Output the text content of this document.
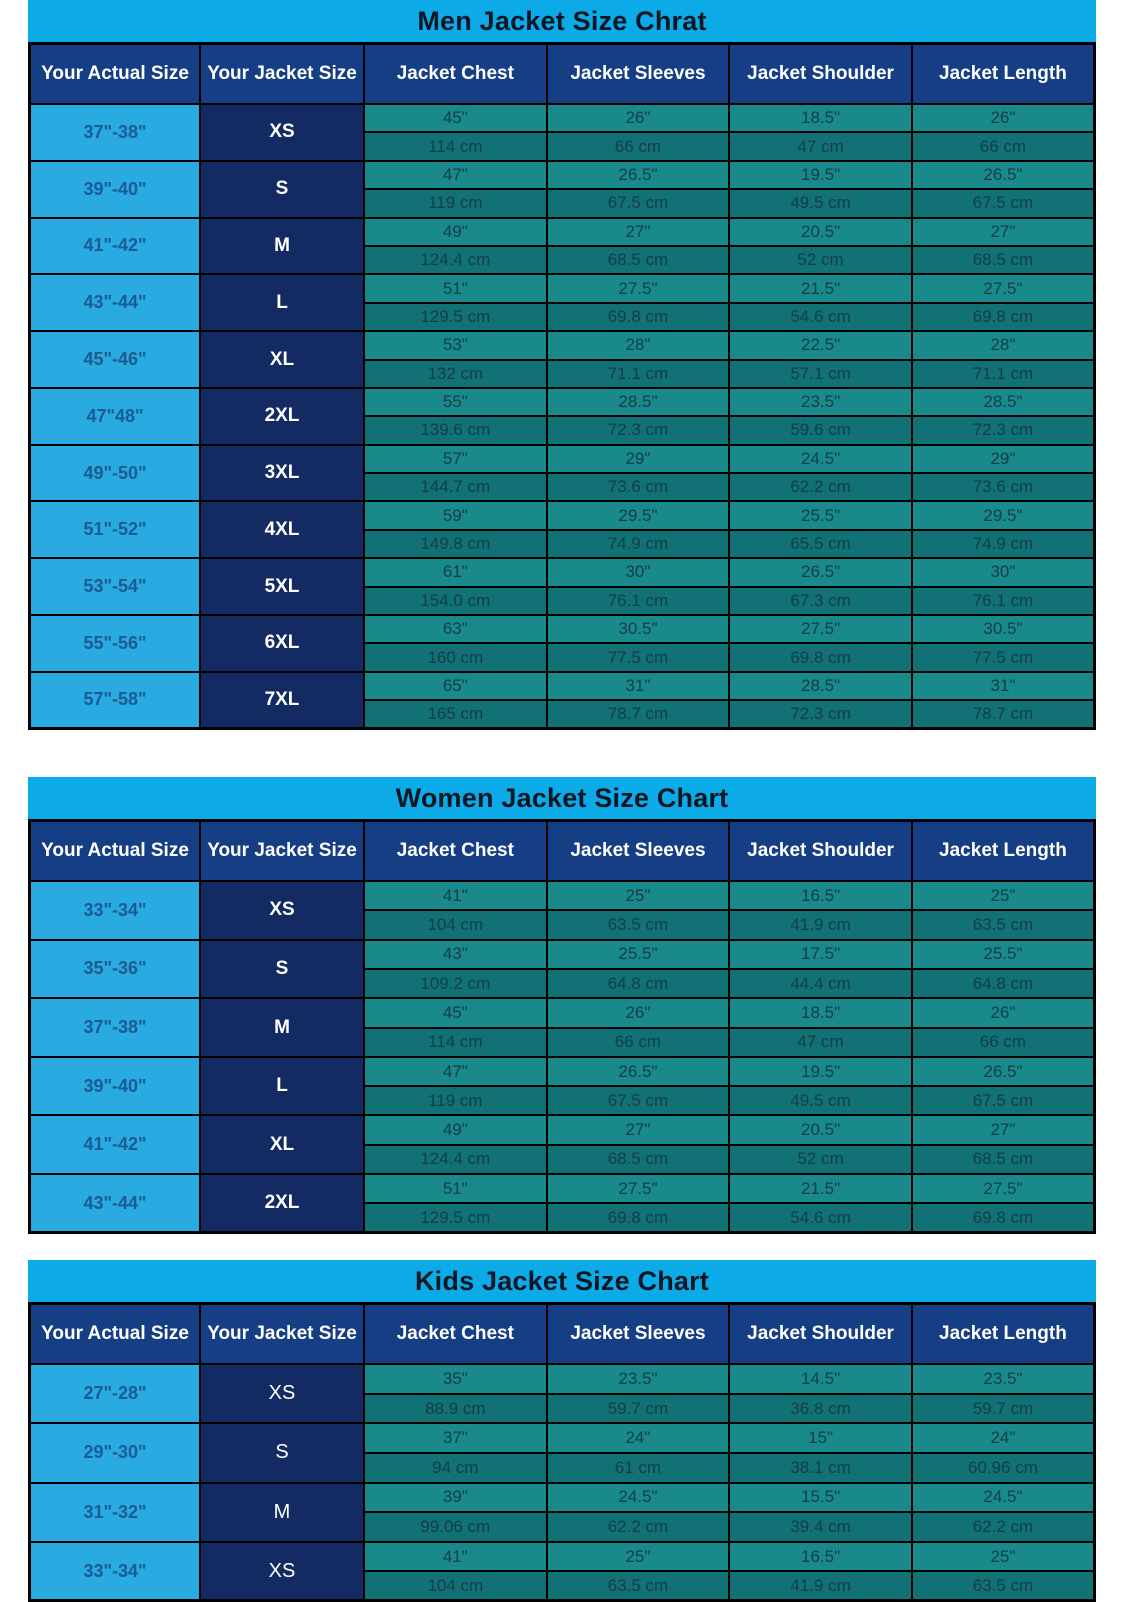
Men Jacket Size Chrat
Your Actual Size	Your Jacket Size	Jacket Chest	Jacket Sleeves	Jacket Shoulder	Jacket Length
37"-38"	XS	45"	26"	18.5"	26"
		114 cm	66 cm	47 cm	66 cm
39"-40"	S	47"	26.5"	19.5"	26.5"
		119 cm	67.5 cm	49.5 cm	67.5 cm
41"-42"	M	49"	27"	20.5"	27"
		124.4 cm	68.5 cm	52 cm	68.5 cm
43"-44"	L	51"	27.5"	21.5"	27.5"
		129.5 cm	69.8 cm	54.6 cm	69.8 cm
45"-46"	XL	53"	28"	22.5"	28"
		132 cm	71.1 cm	57.1 cm	71.1 cm
47"48"	2XL	55"	28.5"	23.5"	28.5"
		139.6 cm	72.3 cm	59.6 cm	72.3 cm
49"-50"	3XL	57"	29"	24.5"	29"
		144.7 cm	73.6 cm	62.2 cm	73.6 cm
51"-52"	4XL	59"	29.5"	25.5"	29.5"
		149.8 cm	74.9 cm	65.5 cm	74.9 cm
53"-54"	5XL	61"	30"	26.5"	30"
		154.0 cm	76.1 cm	67.3 cm	76.1 cm
55"-56"	6XL	63"	30.5"	27.5"	30.5"
		160 cm	77.5 cm	69.8 cm	77.5 cm
57"-58"	7XL	65"	31"	28.5"	31"
		165 cm	78.7 cm	72.3 cm	78.7 cm
Women Jacket Size Chart
Your Actual Size	Your Jacket Size	Jacket Chest	Jacket Sleeves	Jacket Shoulder	Jacket Length
33"-34"	XS	41"	25"	16.5"	25"
		104 cm	63.5 cm	41.9 cm	63.5 cm
35"-36"	S	43"	25.5"	17.5"	25.5"
		109.2 cm	64.8 cm	44.4 cm	64.8 cm
37"-38"	M	45"	26"	18.5"	26"
		114 cm	66 cm	47 cm	66 cm
39"-40"	L	47"	26.5"	19.5"	26.5"
		119 cm	67.5 cm	49.5 cm	67.5 cm
41"-42"	XL	49"	27"	20.5"	27"
		124.4 cm	68.5 cm	52 cm	68.5 cm
43"-44"	2XL	51"	27.5"	21.5"	27.5"
		129.5 cm	69.8 cm	54.6 cm	69.8 cm
Kids Jacket Size Chart
Your Actual Size	Your Jacket Size	Jacket Chest	Jacket Sleeves	Jacket Shoulder	Jacket Length
27"-28"	XS	35"	23.5"	14.5"	23.5"
		88.9 cm	59.7 cm	36.8 cm	59.7 cm
29"-30"	S	37"	24"	15"	24"
		94 cm	61 cm	38.1 cm	60.96 cm
31"-32"	M	39"	24.5"	15.5"	24.5"
		99.06 cm	62.2 cm	39.4 cm	62.2 cm
33"-34"	XS	41"	25"	16.5"	25"
		104 cm	63.5 cm	41.9 cm	63.5 cm
